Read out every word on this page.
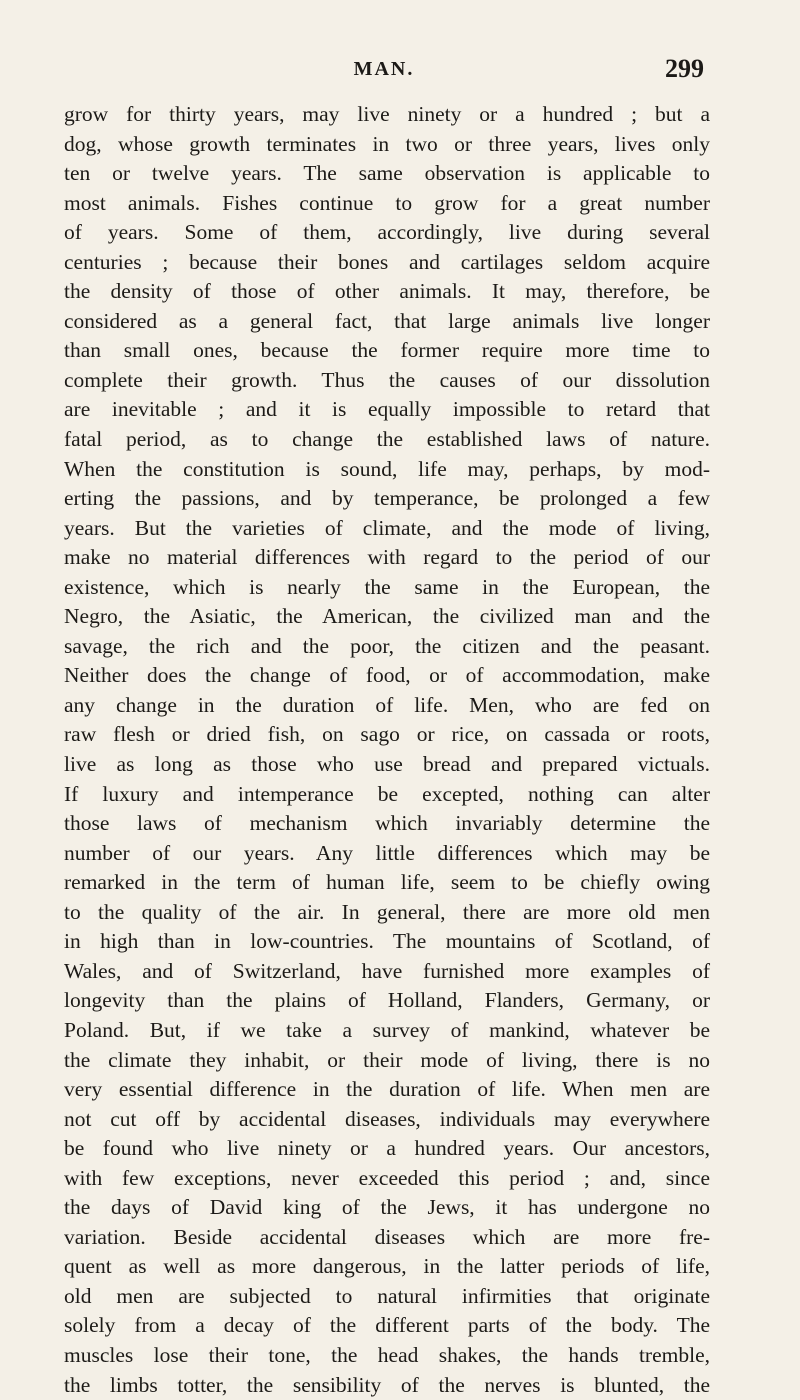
MAN.	299
grow for thirty years, may live ninety or a hundred ; but a
dog, whose growth terminates in two or three years, lives only
ten or twelve years. The same observation is applicable to
most animals. Fishes continue to grow for a great number
of years. Some of them, accordingly, live during several
centuries ; because their bones and cartilages seldom acquire
the density of those of other animals. It may, therefore, be
considered as a general fact, that large animals live longer
than small ones, because the former require more time to
complete their growth. Thus the causes of our dissolution
are inevitable ; and it is equally impossible to retard that
fatal period, as to change the established laws of nature.
When the constitution is sound, life may, perhaps, by mod-
erting the passions, and by temperance, be prolonged a few
years. But the varieties of climate, and the mode of living,
make no material differences with regard to the period of our
existence, which is nearly the same in the European, the
Negro, the Asiatic, the American, the civilized man and the
savage, the rich and the poor, the citizen and the peasant.
Neither does the change of food, or of accommodation, make
any change in the duration of life. Men, who are fed on
raw flesh or dried fish, on sago or rice, on cassada or roots,
live as long as those who use bread and prepared victuals.
If luxury and intemperance be excepted, nothing can alter
those laws of mechanism which invariably determine the
number of our years. Any little differences which may be
remarked in the term of human life, seem to be chiefly owing
to the quality of the air. In general, there are more old men
in high than in low-countries. The mountains of Scotland, of
Wales, and of Switzerland, have furnished more examples of
longevity than the plains of Holland, Flanders, Germany, or
Poland. But, if we take a survey of mankind, whatever be
the climate they inhabit, or their mode of living, there is no
very essential difference in the duration of life. When men are
not cut off by accidental diseases, individuals may everywhere
be found who live ninety or a hundred years. Our ancestors,
with few exceptions, never exceeded this period ; and, since
the days of David king of the Jews, it has undergone no
variation. Beside accidental diseases which are more fre-
quent as well as more dangerous, in the latter periods of life,
old men are subjected to natural infirmities that originate
solely from a decay of the different parts of the body. The
muscles lose their tone, the head shakes, the hands tremble,
the limbs totter, the sensibility of the nerves is blunted, the
